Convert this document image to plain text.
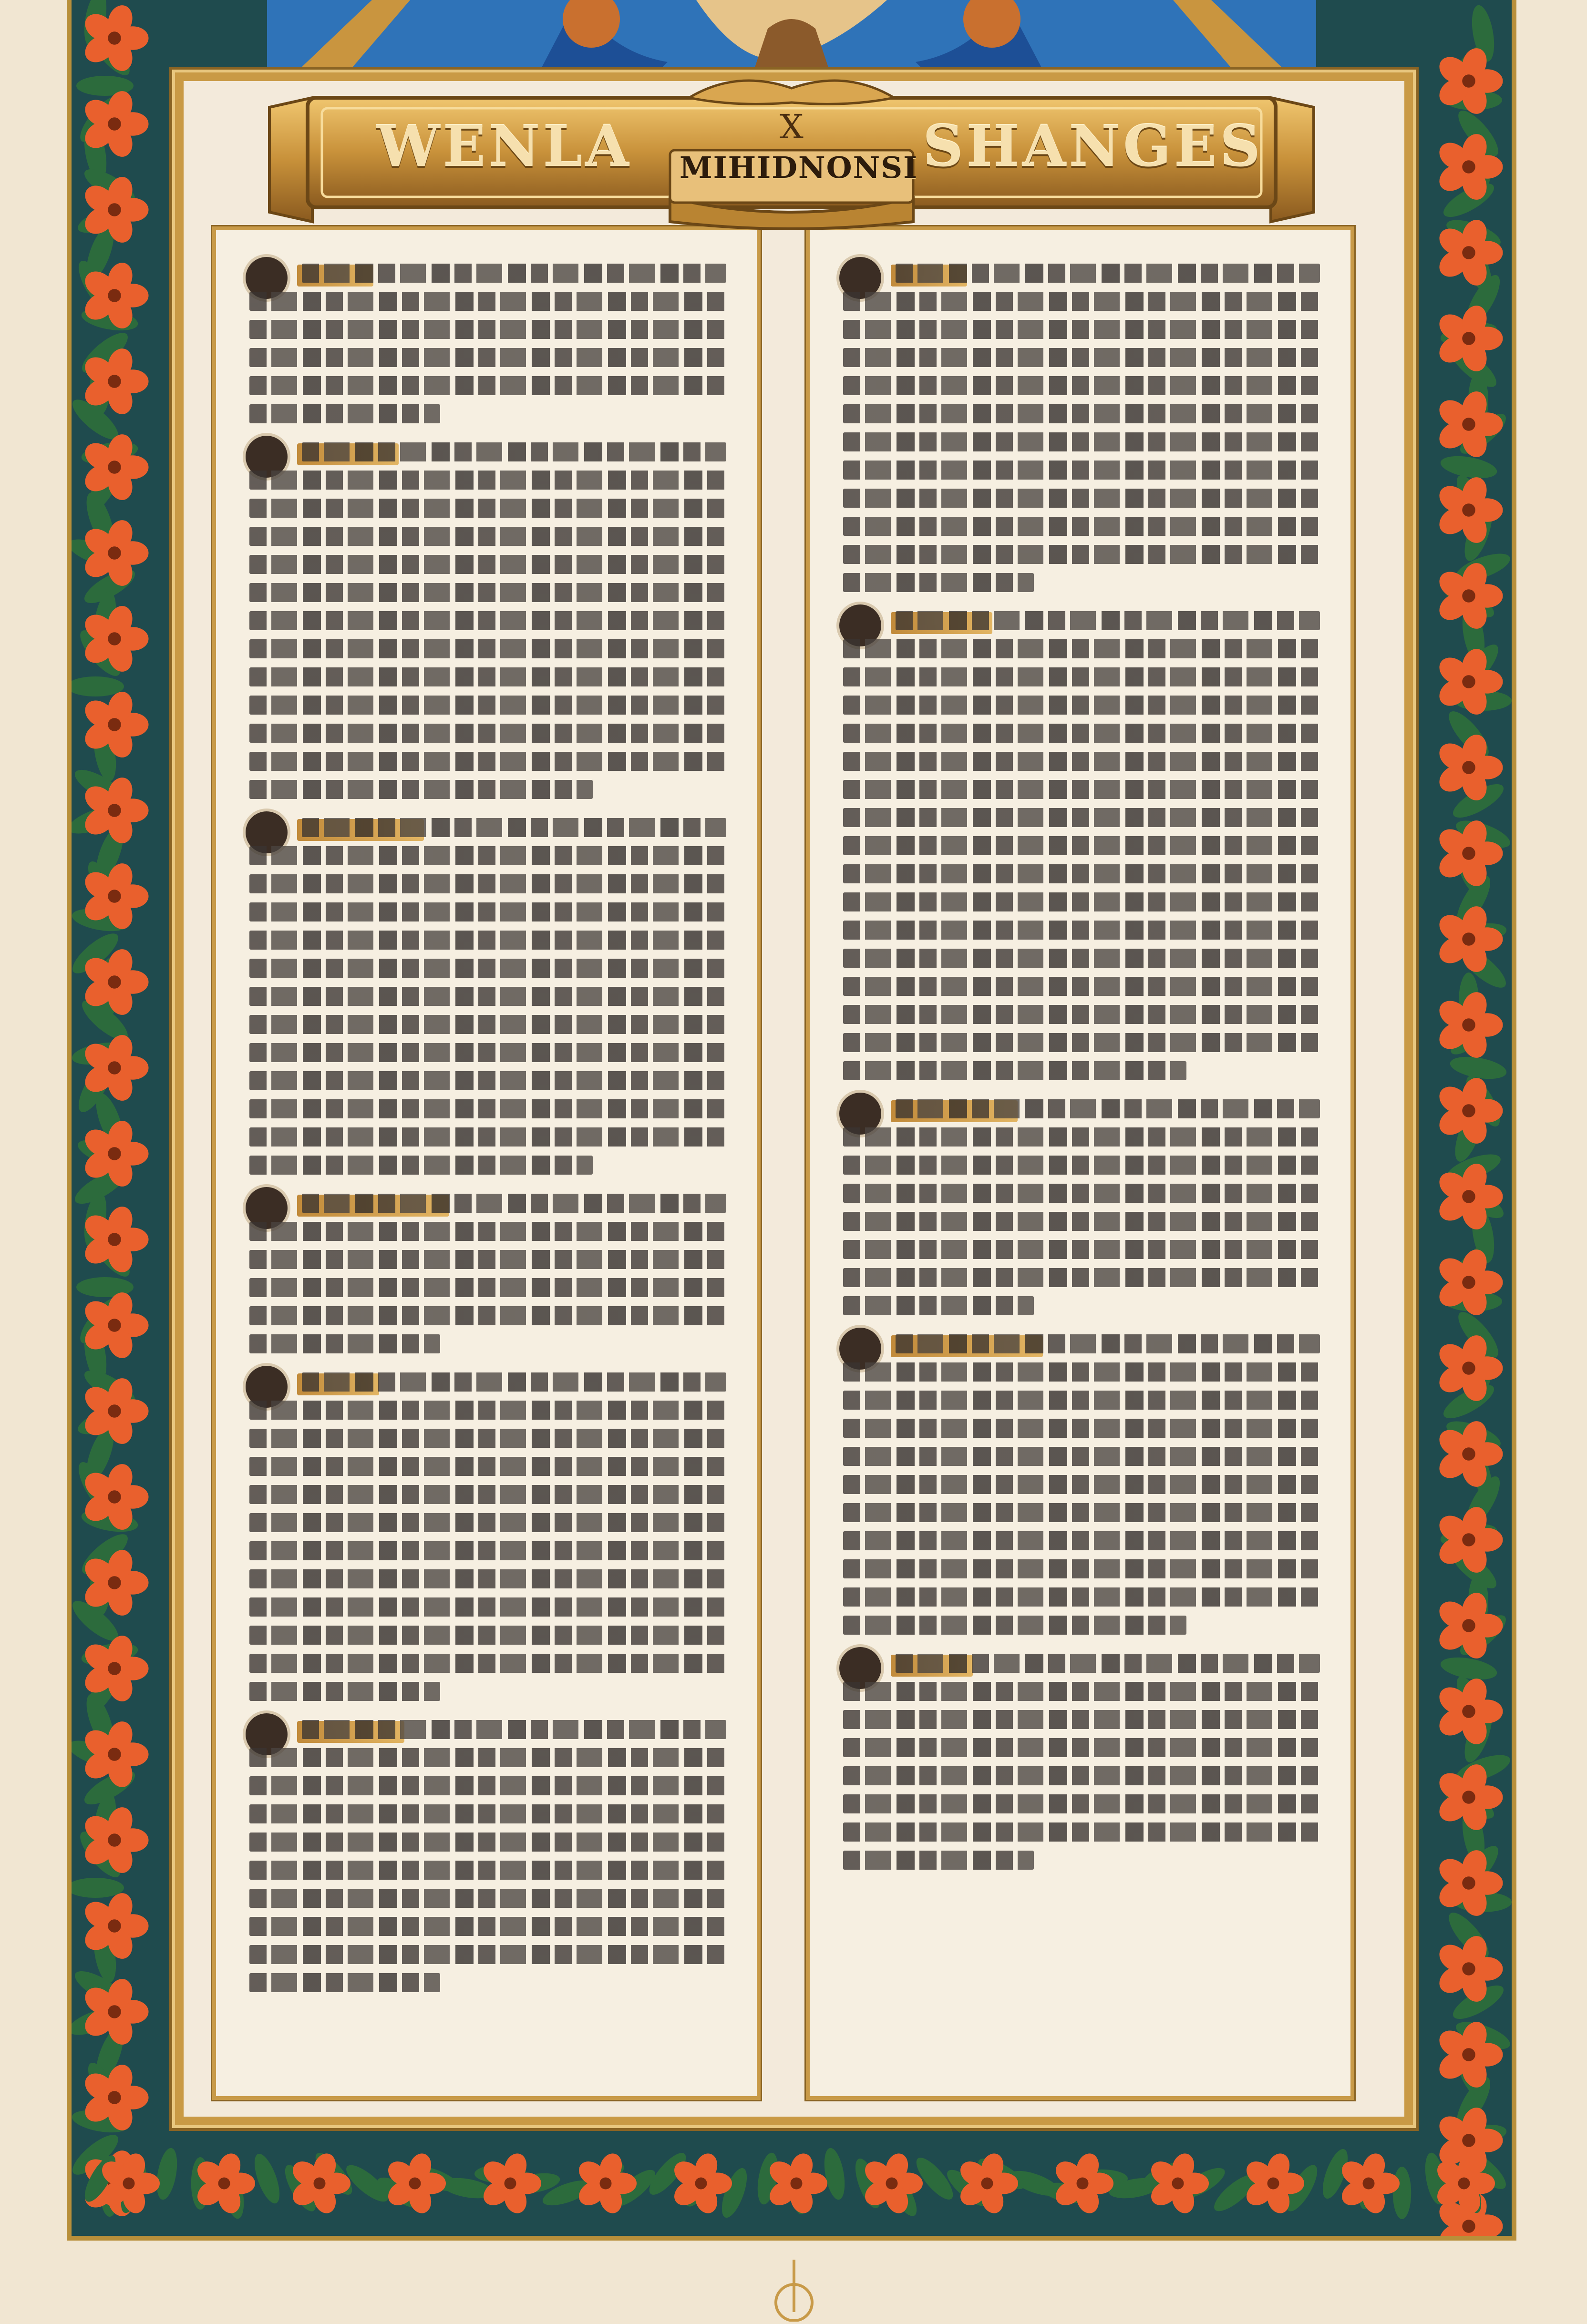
WENLA	X
MIHIDNONSI SHANGES
